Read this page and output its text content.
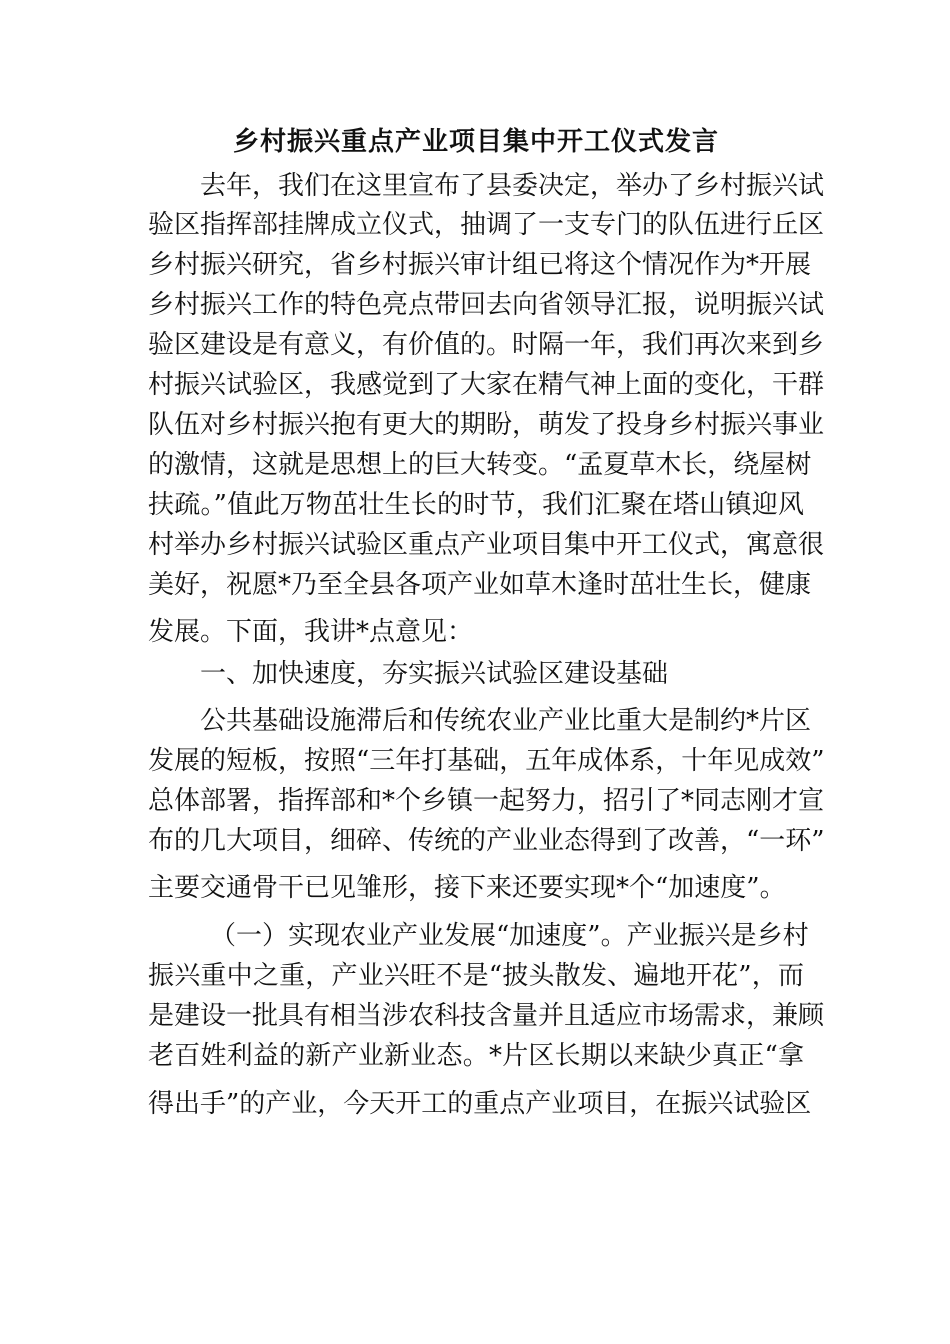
乡村振兴重点产业项目集中开工仪式发言
去年，我们在这里宣布了县委决定，举办了乡村振兴试
验区指挥部挂牌成立仪式，抽调了一支专门的队伍进行丘区
乡村振兴研究，省乡村振兴审计组已将这个情况作为*开展
乡村振兴工作的特色亮点带回去向省领导汇报，说明振兴试
验区建设是有意义，有价值的。时隔一年，我们再次来到乡
村振兴试验区，我感觉到了大家在精气神上面的变化，干群
队伍对乡村振兴抱有更大的期盼，萌发了投身乡村振兴事业
的激情，这就是思想上的巨大转变。“孟夏草木长，绕屋树
扶疏。”值此万物茁壮生长的时节，我们汇聚在塔山镇迎风
村举办乡村振兴试验区重点产业项目集中开工仪式，寓意很
美好，祝愿*乃至全县各项产业如草木逢时茁壮生长，健康
发展。下面，我讲*点意见：
一、加快速度，夯实振兴试验区建设基础
公共基础设施滞后和传统农业产业比重大是制约*片区
发展的短板，按照“三年打基础，五年成体系，十年见成效”
总体部署，指挥部和*个乡镇一起努力，招引了*同志刚才宣
布的几大项目，细碎、传统的产业业态得到了改善，“一环”
主要交通骨干已见雏形，接下来还要实现*个“加速度”。
（一）实现农业产业发展“加速度”。产业振兴是乡村
振兴重中之重，产业兴旺不是“披头散发、遍地开花”，而
是建设一批具有相当涉农科技含量并且适应市场需求，兼顾
老百姓利益的新产业新业态。*片区长期以来缺少真正“拿
得出手”的产业，今天开工的重点产业项目，在振兴试验区
